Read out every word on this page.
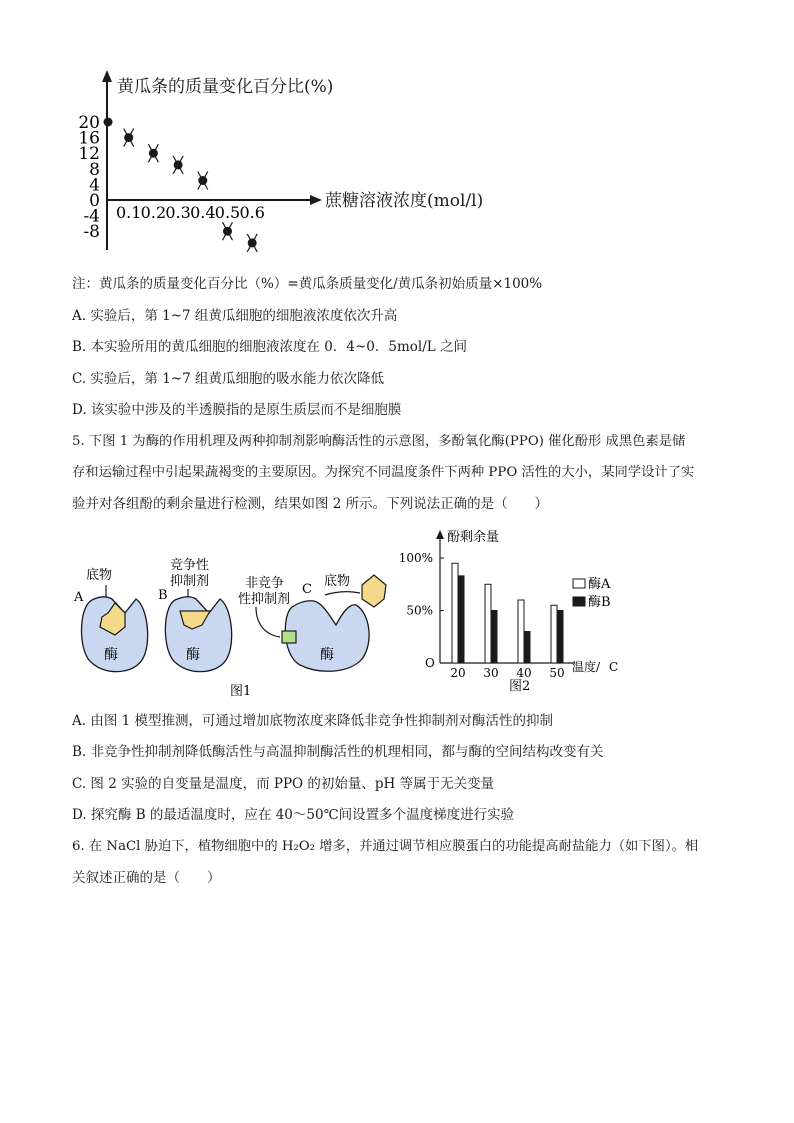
黄瓜条的质量变化百分比(%)
蔗糖溶液浓度(mol/l)
20
16
12
8
4
0
-4
-8
0.1 0.2 0.3 0.4 0.5 0.6
注：黄瓜条的质量变化百分比（%）=黄瓜条质量变化/黄瓜条初始质量×100%
A. 实验后，第 1~7 组黄瓜细胞的细胞液浓度依次升高
B. 本实验所用的黄瓜细胞的细胞液浓度在 0．4~0．5mol/L 之间
C. 实验后，第 1~7 组黄瓜细胞的吸水能力依次降低
D. 该实验中涉及的半透膜指的是原生质层而不是细胞膜
5. 下图 1 为酶的作用机理及两种抑制剂影响酶活性的示意图，多酚氧化酶(PPO) 催化酚形 成黑色素是储
存和运输过程中引起果蔬褐变的主要原因。为探究不同温度条件下两种 PPO 活性的大小，某同学设计了实
验并对各组酚的剩余量进行检测，结果如图 2 所示。下列说法正确的是（　　）
A
底物
酶
B
竞争性
抑制剂
酶
非竞争
性抑制剂
C
底物
酶
图1
酚剩余量
O	温度/ C
100%
50%
20 30 40 50
酶A
酶B
图2
A. 由图 1 模型推测，可通过增加底物浓度来降低非竞争性抑制剂对酶活性的抑制
B. 非竞争性抑制剂降低酶活性与高温抑制酶活性的机理相同，都与酶的空间结构改变有关
C. 图 2 实验的自变量是温度，而 PPO 的初始量、pH 等属于无关变量
D. 探究酶 B 的最适温度时，应在 40～50℃间设置多个温度梯度进行实验
6. 在 NaCl 胁迫下，植物细胞中的 H₂O₂ 增多，并通过调节相应膜蛋白的功能提高耐盐能力（如下图）。相
关叙述正确的是（　　）
